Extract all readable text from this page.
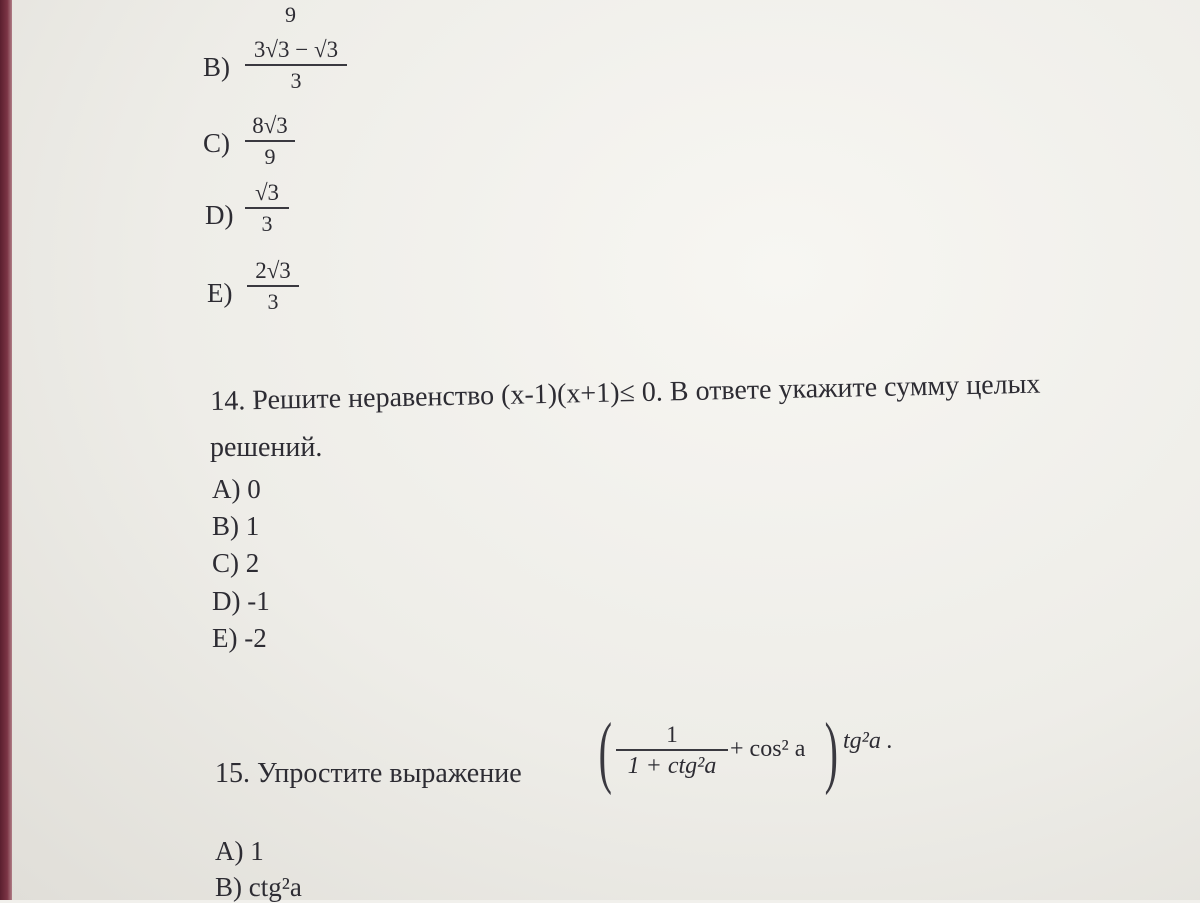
9
B)
3√3 − √3
3
C)
8√3
9
D)
√3
3
E)
2√3
3
14. Решите неравенство (x-1)(x+1)≤ 0. В ответе укажите сумму целых
решений.
A) 0
B) 1
C) 2
D) -1
E) -2
15. Упростите выражение (	1
1 + ctg²a
+ cos² a ) tg²a .
A) 1
B) ctg²a
